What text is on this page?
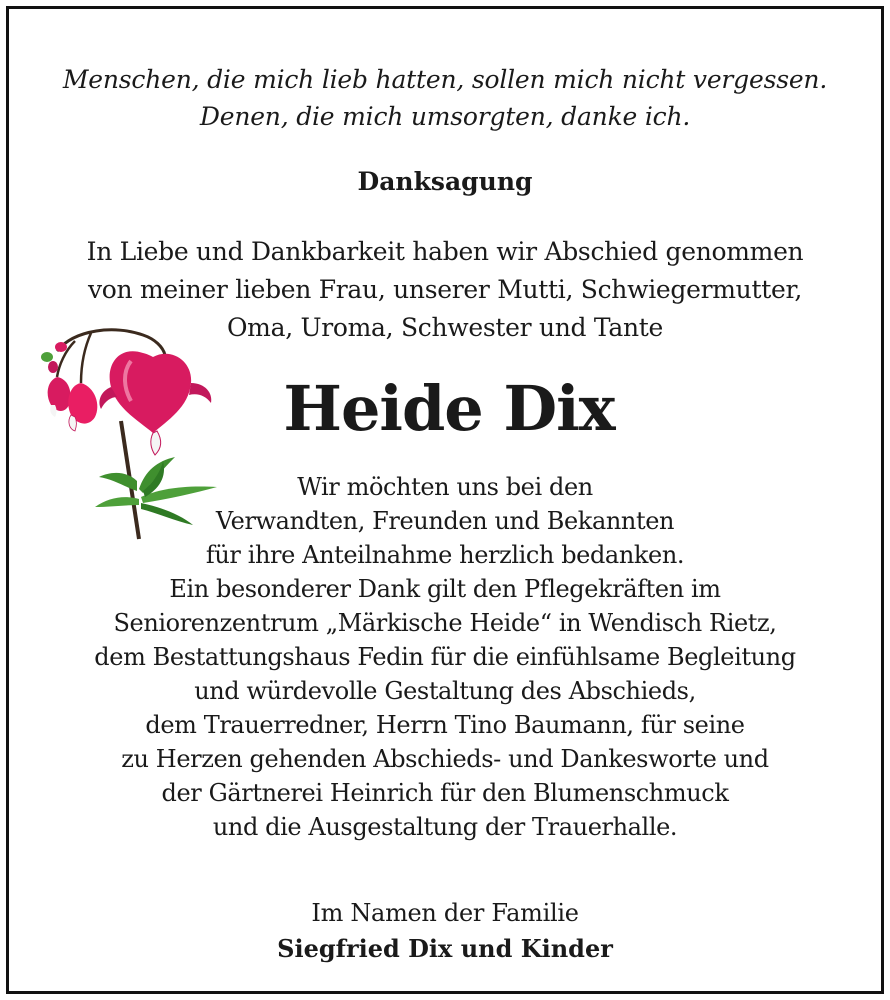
Menschen, die mich lieb hatten, sollen mich nicht vergessen.
Denen, die mich umsorgten, danke ich.
Danksagung
In Liebe und Dankbarkeit haben wir Abschied genommen
von meiner lieben Frau, unserer Mutti, Schwiegermutter,
Oma, Uroma, Schwester und Tante
Heide Dix
Wir möchten uns bei den
Verwandten, Freunden und Bekannten
für ihre Anteilnahme herzlich bedanken.
Ein besonderer Dank gilt den Pflegekräften im
Seniorenzentrum „Märkische Heide“ in Wendisch Rietz,
dem Bestattungshaus Fedin für die einfühlsame Begleitung
und würdevolle Gestaltung des Abschieds,
dem Trauerredner, Herrn Tino Baumann, für seine
zu Herzen gehenden Abschieds- und Dankesworte und
der Gärtnerei Heinrich für den Blumenschmuck
und die Ausgestaltung der Trauerhalle.
Im Namen der Familie
Siegfried Dix und Kinder
